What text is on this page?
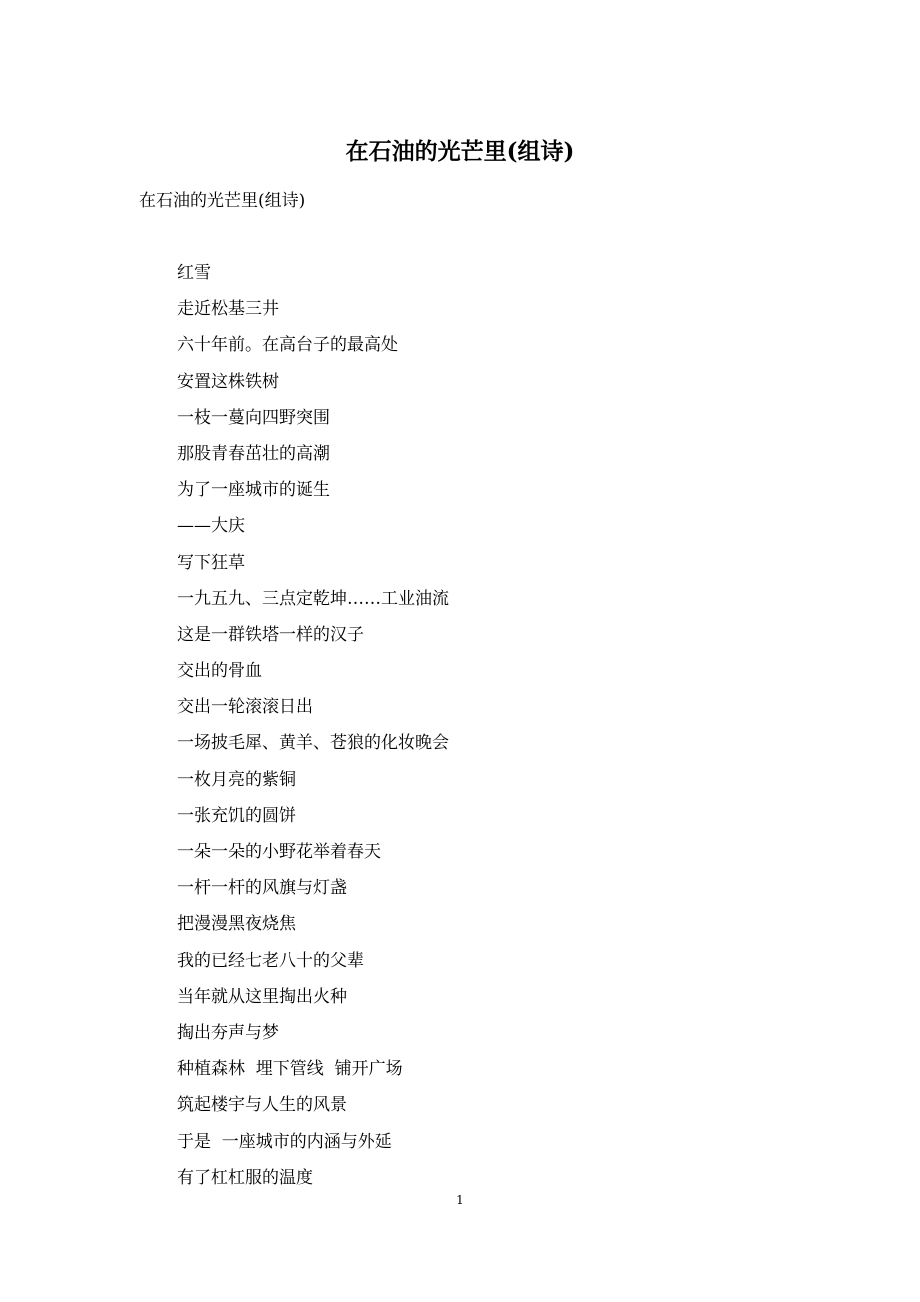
在石油的光芒里(组诗)
在石油的光芒里(组诗)
红雪
走近松基三井
六十年前。在高台子的最高处
安置这株铁树
一枝一蔓向四野突围
那股青春茁壮的高潮
为了一座城市的诞生
——大庆
写下狂草
一九五九、三点定乾坤……工业油流
这是一群铁塔一样的汉子
交出的骨血
交出一轮滚滚日出
一场披毛犀、黄羊、苍狼的化妆晚会
一枚月亮的紫铜
一张充饥的圆饼
一朵一朵的小野花举着春天
一杆一杆的风旗与灯盏
把漫漫黑夜烧焦
我的已经七老八十的父辈
当年就从这里掏出火种
掏出夯声与梦
种植森林  埋下管线  铺开广场
筑起楼宇与人生的风景
于是  一座城市的内涵与外延
有了杠杠服的温度
1
